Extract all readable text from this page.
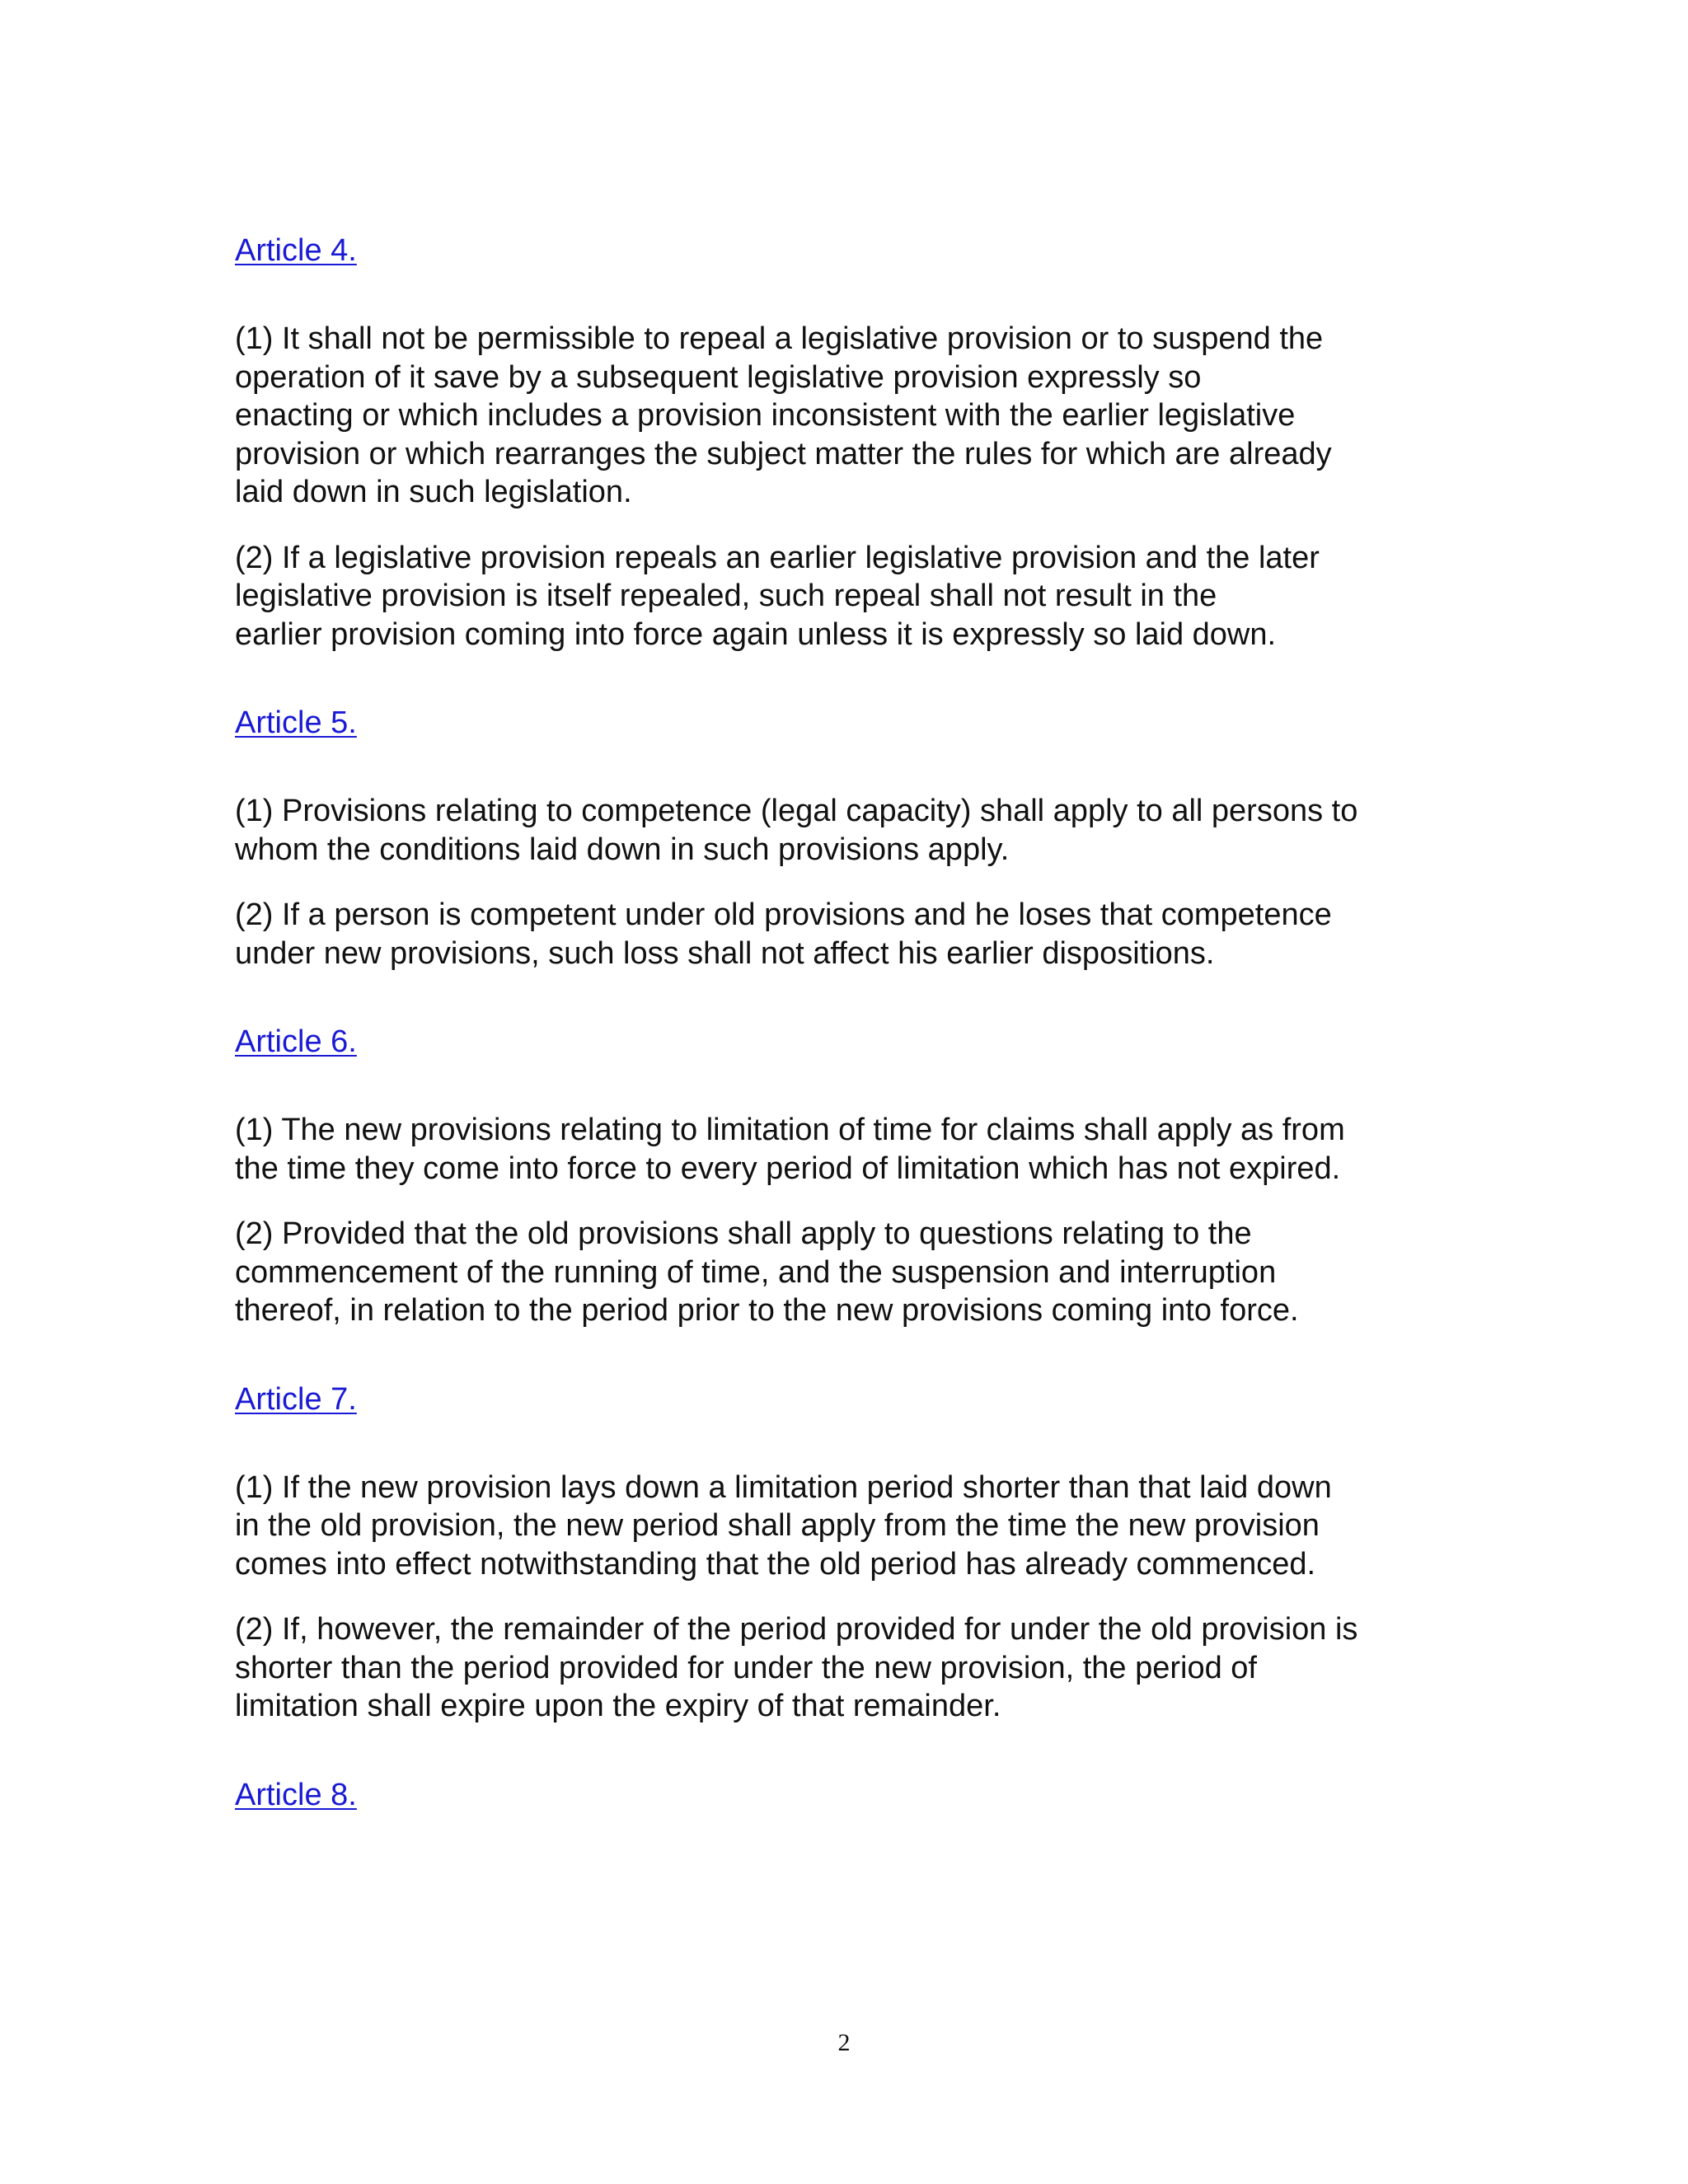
Article 4.

(1) It shall not be permissible to repeal a legislative provision or to suspend the
operation of it save by a subsequent legislative provision expressly so
enacting or which includes a provision inconsistent with the earlier legislative
provision or which rearranges the subject matter the rules for which are already
laid down in such legislation.

(2) If a legislative provision repeals an earlier legislative provision and the later
legislative provision is itself repealed, such repeal shall not result in the
earlier provision coming into force again unless it is expressly so laid down.

Article 5.

(1) Provisions relating to competence (legal capacity) shall apply to all persons to
whom the conditions laid down in such provisions apply.

(2) If a person is competent under old provisions and he loses that competence
under new provisions, such loss shall not affect his earlier dispositions.

Article 6.

(1) The new provisions relating to limitation of time for claims shall apply as from
the time they come into force to every period of limitation which has not expired.

(2) Provided that the old provisions shall apply to questions relating to the
commencement of the running of time, and the suspension and interruption
thereof, in relation to the period prior to the new provisions coming into force.

Article 7.

(1) If the new provision lays down a limitation period shorter than that laid down
in the old provision, the new period shall apply from the time the new provision
comes into effect notwithstanding that the old period has already commenced.

(2) If, however, the remainder of the period provided for under the old provision is
shorter than the period provided for under the new provision, the period of
limitation shall expire upon the expiry of that remainder.

Article 8.
2
